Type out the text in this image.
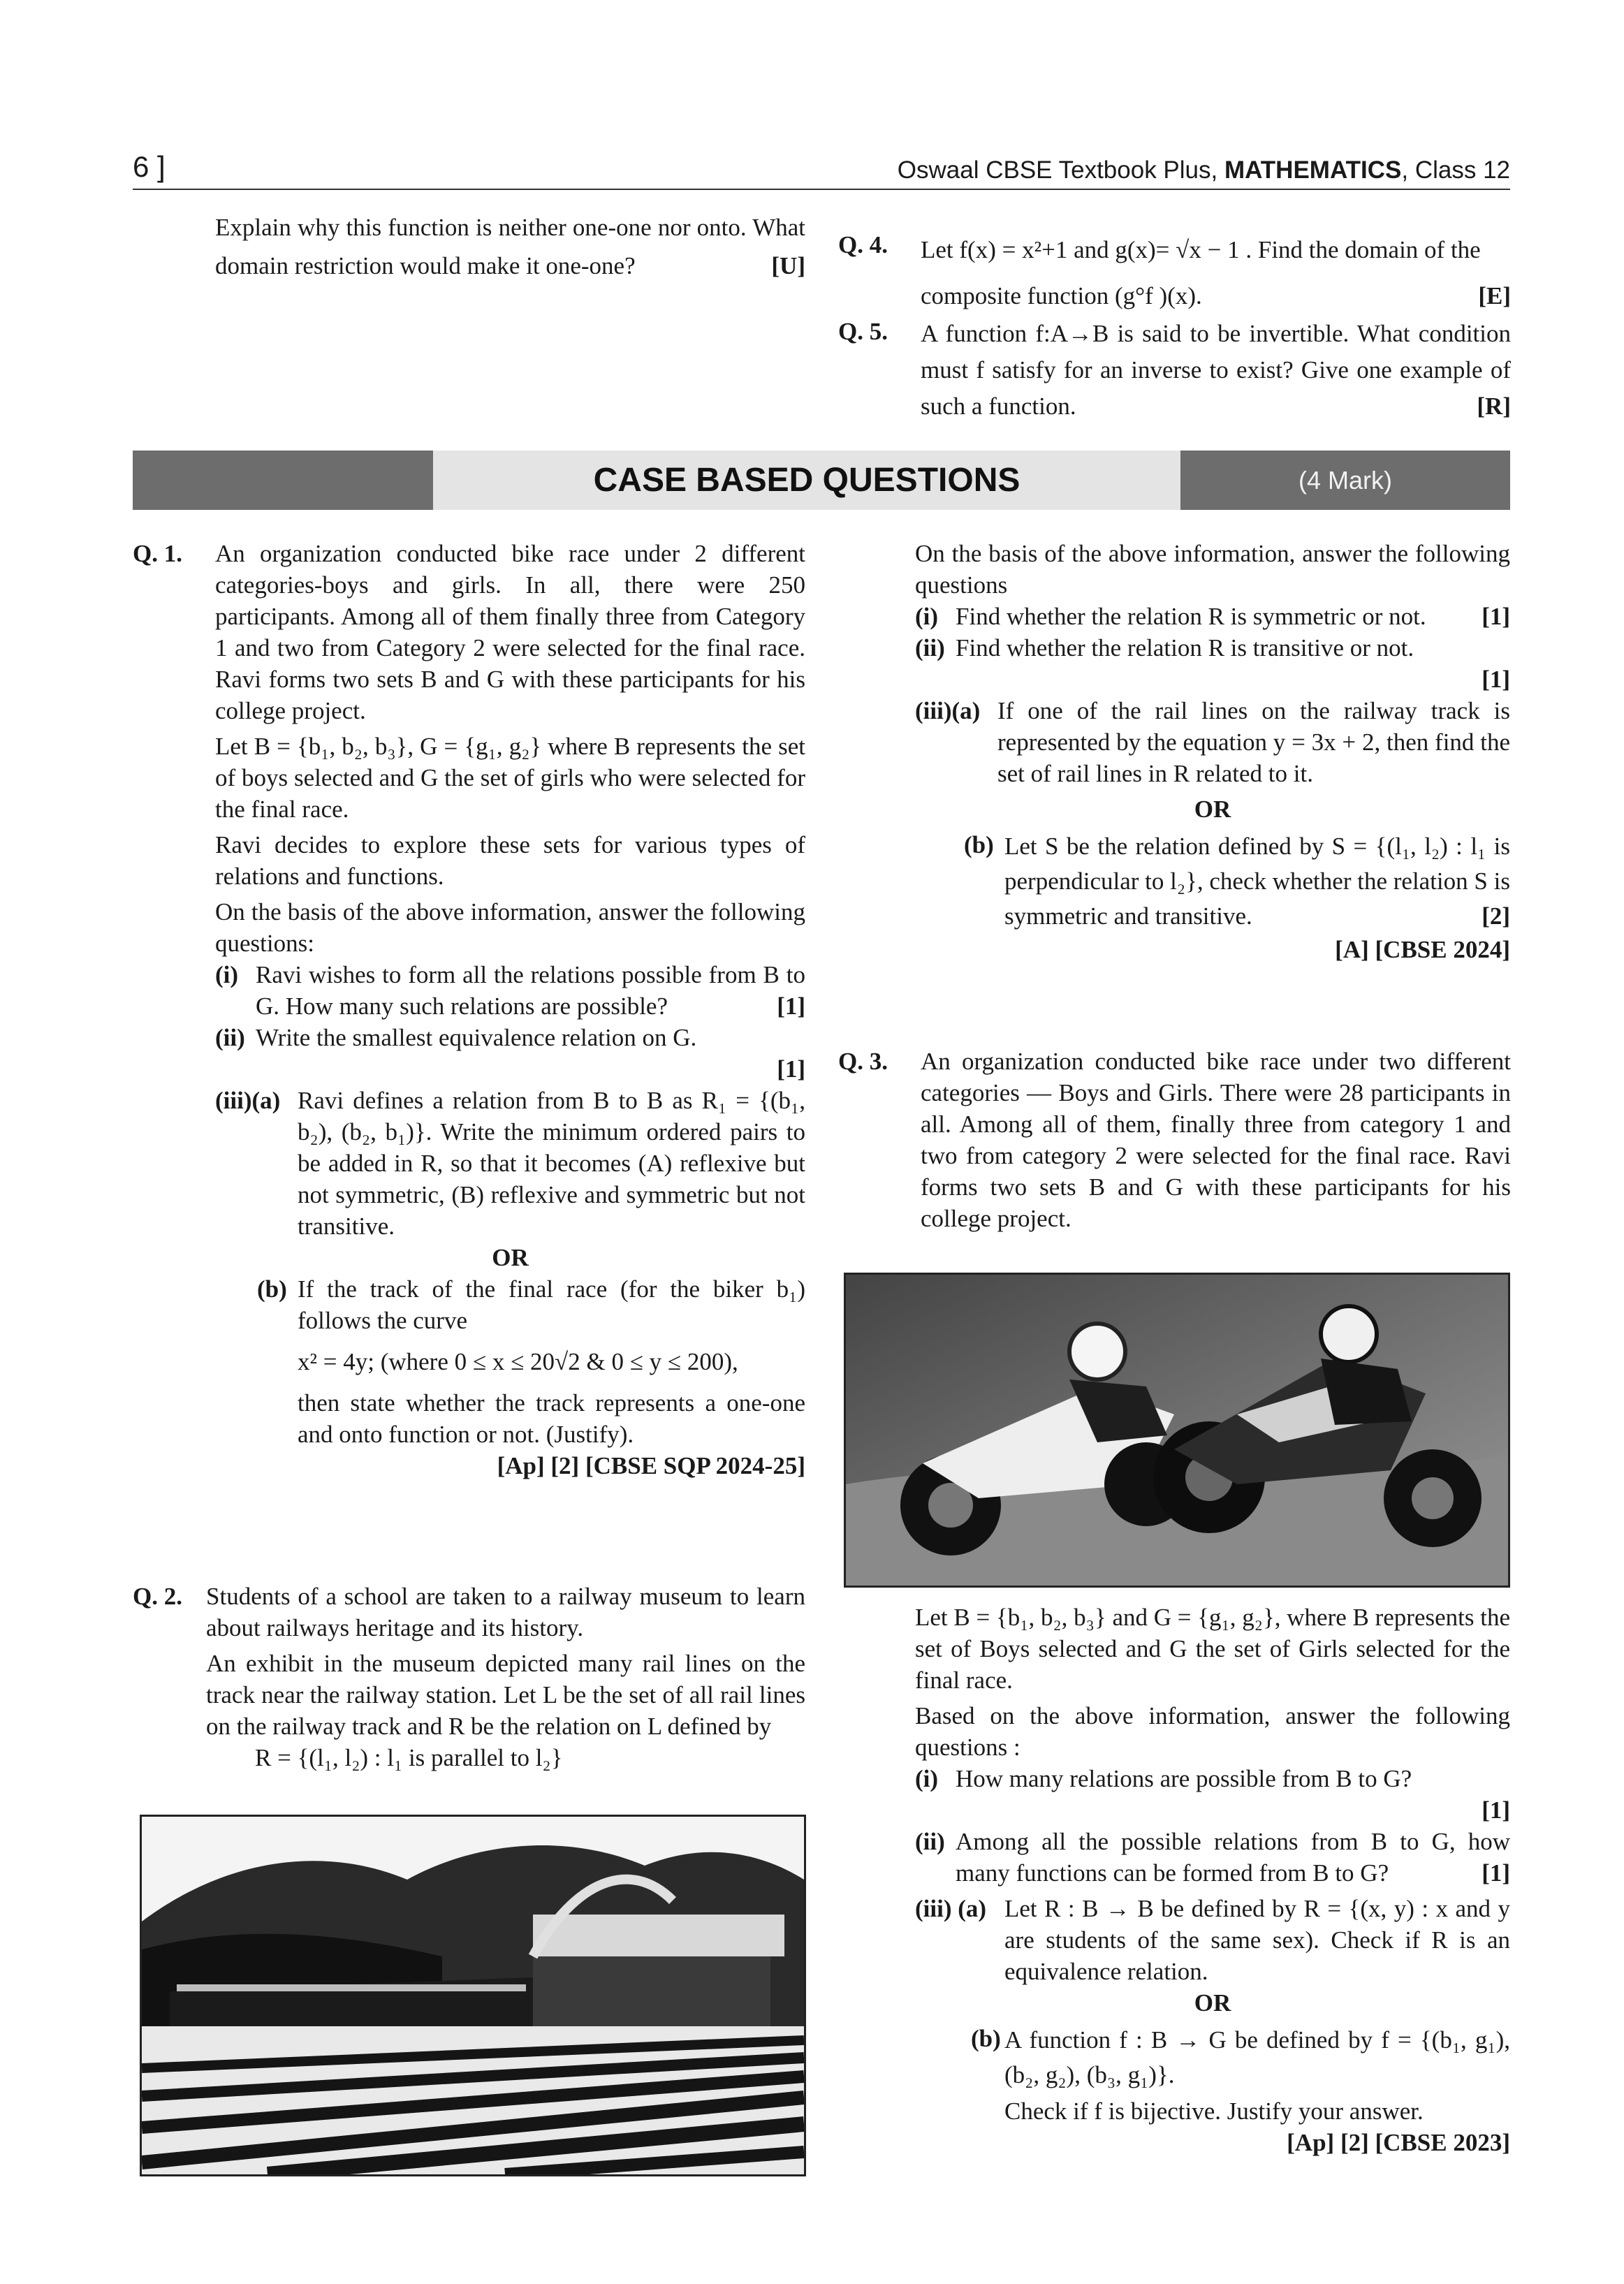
6 ]	Oswaal CBSE Textbook Plus, MATHEMATICS, Class 12
Explain why this function is neither one-one nor onto. What domain restriction would make it one-one?	[U]
Q. 4. Let f(x) = x²+1 and g(x)= √x − 1 . Find the domain of the composite function (g°f )(x).	[E]
Q. 5. A function f:A→B is said to be invertible. What condition must f satisfy for an inverse to exist? Give one example of such a function.	[R]
CASE BASED QUESTIONS	(4 Mark)
Q. 1. An organization conducted bike race under 2 different categories-boys and girls. In all, there were 250 participants. Among all of them finally three from Category 1 and two from Category 2 were selected for the final race. Ravi forms two sets B and G with these participants for his college project.

Let B = {b₁, b₂, b₃}, G = {g₁, g₂} where B represents the set of boys selected and G the set of girls who were selected for the final race.

Ravi decides to explore these sets for various types of relations and functions.

On the basis of the above information, answer the following questions:

(i) Ravi wishes to form all the relations possible from B to G. How many such relations are possible?	[1]

(ii) Write the smallest equivalence relation on G.

[1]
(iii)(a) Ravi defines a relation from B to B as R₁ = {(b₁, b₂), (b₂, b₁)}. Write the minimum ordered pairs to be added in R, so that it becomes (A) reflexive but not symmetric, (B) reflexive and symmetric but not transitive.

OR
(b) If the track of the final race (for the biker b₁) follows the curve

x² = 4y; (where 0 ≤ x ≤ 20√2 & 0 ≤ y ≤ 200),

then state whether the track represents a one-one and onto function or not. (Justify).

[Ap] [2] [CBSE SQP 2024-25]
Q. 2. Students of a school are taken to a railway museum to learn about railways heritage and its history.

An exhibit in the museum depicted many rail lines on the track near the railway station. Let L be the set of all rail lines on the railway track and R be the relation on L defined by

R = {(l₁, l₂) : l₁ is parallel to l₂}

On the basis of the above information, answer the following questions

(i) Find whether the relation R is symmetric or not. [1]

(ii) Find whether the relation R is transitive or not.

[1]
(iii)(a) If one of the rail lines on the railway track is represented by the equation y = 3x + 2, then find the set of rail lines in R related to it.

OR
(b) Let S be the relation defined by S = {(l₁, l₂) : l₁ is perpendicular to l₂}, check whether the relation S is symmetric and transitive.	[2]

[A] [CBSE 2024]
Q. 3. An organization conducted bike race under two different categories — Boys and Girls. There were 28 participants in all. Among all of them, finally three from category 1 and two from category 2 were selected for the final race. Ravi forms two sets B and G with these participants for his college project.

Let B = {b₁, b₂, b₃} and G = {g₁, g₂}, where B represents the set of Boys selected and G the set of Girls selected for the final race.

Based on the above information, answer the following questions :

(i) How many relations are possible from B to G?

[1]
(ii) Among all the possible relations from B to G, how many functions can be formed from B to G?	[1]

(iii) (a) Let R : B → B be defined by R = {(x, y) : x and y are students of the same sex). Check if R is an equivalence relation.

OR
(b) A function f : B → G be defined by f = {(b₁, g₁), (b₂, g₂), (b₃, g₁)}.

Check if f is bijective. Justify your answer.

[Ap] [2] [CBSE 2023]
